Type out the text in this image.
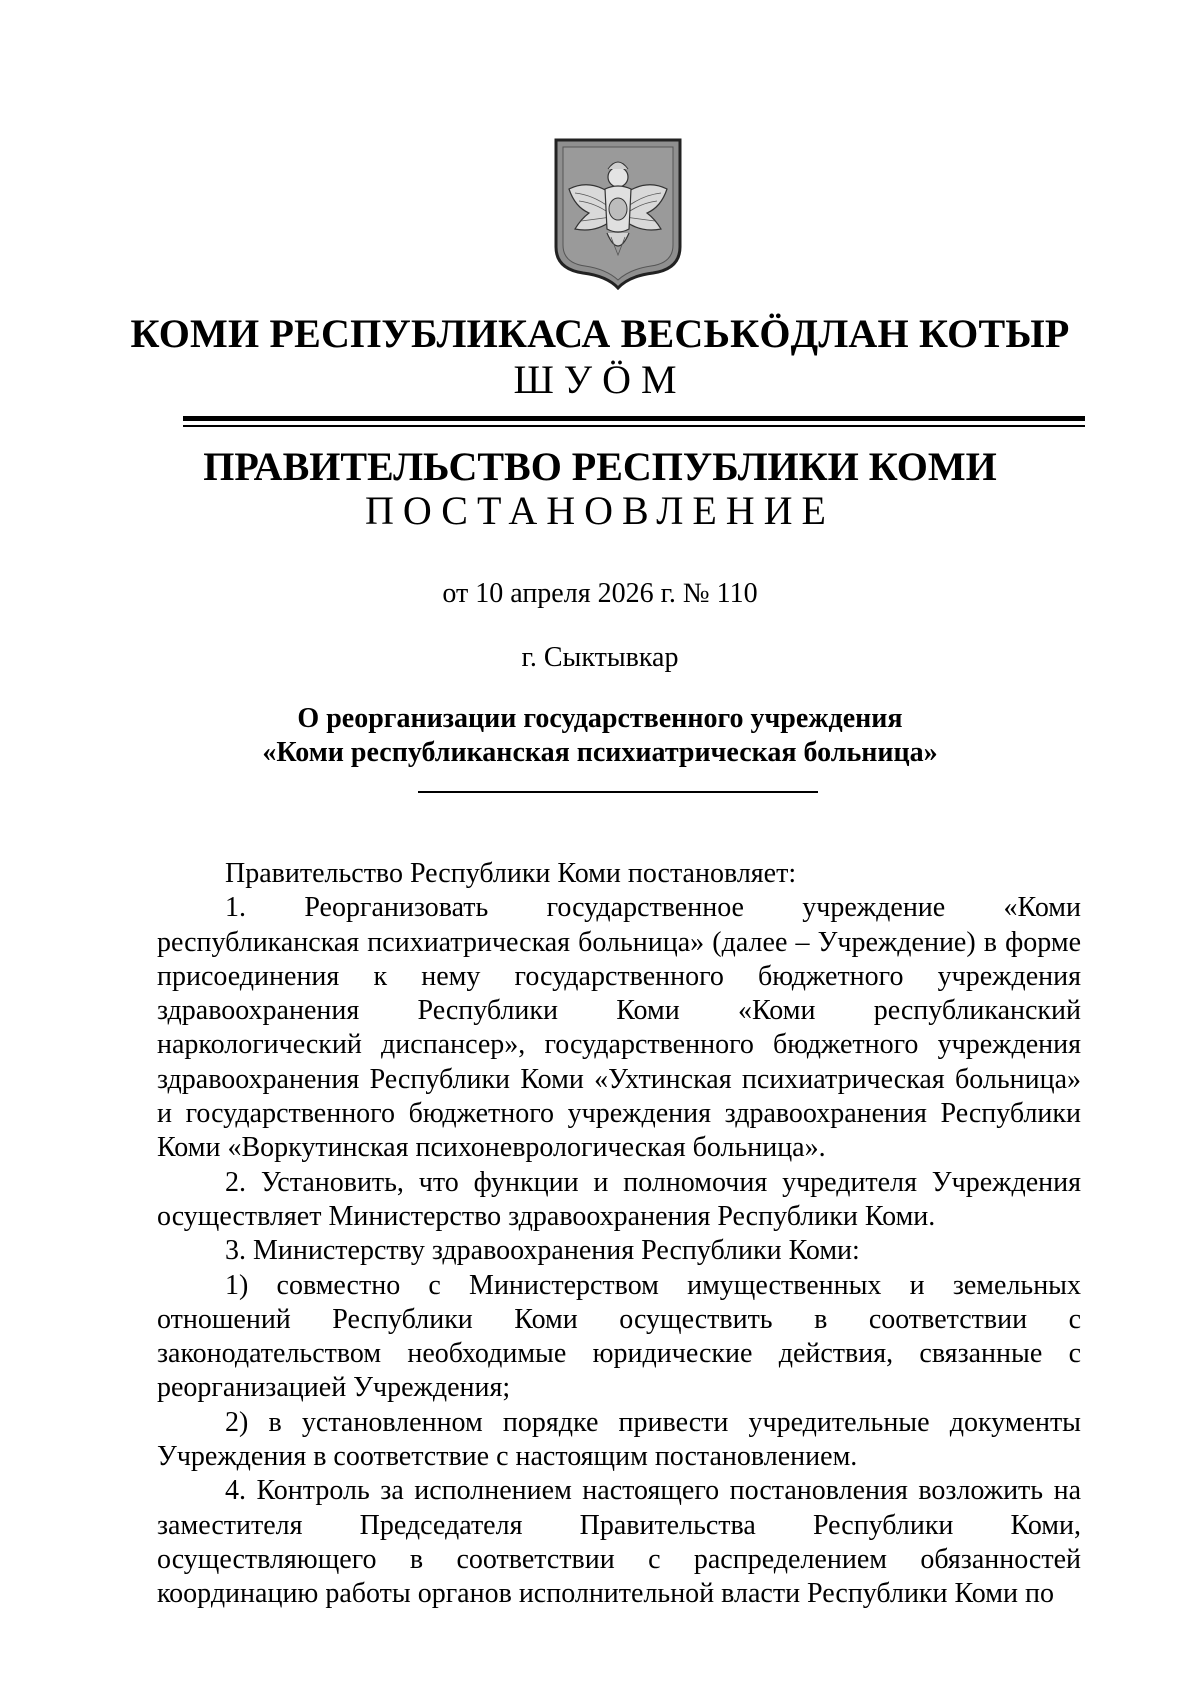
КОМИ РЕСПУБЛИКАСА ВЕСЬКӦДЛАН КОТЫР
ШУӦМ
ПРАВИТЕЛЬСТВО РЕСПУБЛИКИ КОМИ
ПОСТАНОВЛЕНИЕ
от 10 апреля 2026 г. № 110
г. Сыктывкар
О реорганизации государственного учреждения
«Коми республиканская психиатрическая больница»

Правительство Республики Коми постановляет:

1. Реорганизовать государственное учреждение «Коми республиканская психиатрическая больница» (далее – Учреждение) в форме присоединения к нему государственного бюджетного учреждения здравоохранения Республики Коми «Коми республиканский наркологический диспансер», государственного бюджетного учреждения здравоохранения Республики Коми «Ухтинская психиатрическая больница» и государственного бюджетного учреждения здравоохранения Республики Коми «Воркутинская психоневрологическая больница».

2. Установить, что функции и полномочия учредителя Учреждения осуществляет Министерство здравоохранения Республики Коми.

3. Министерству здравоохранения Республики Коми:

1) совместно с Министерством имущественных и земельных отношений Республики Коми осуществить в соответствии с законодательством необходимые юридические действия, связанные с реорганизацией Учреждения;

2) в установленном порядке привести учредительные документы Учреждения в соответствие с настоящим постановлением.

4. Контроль за исполнением настоящего постановления возложить на заместителя Председателя Правительства Республики Коми, осуществляющего в соответствии с распределением обязанностей координацию работы органов исполнительной власти Республики Коми по
